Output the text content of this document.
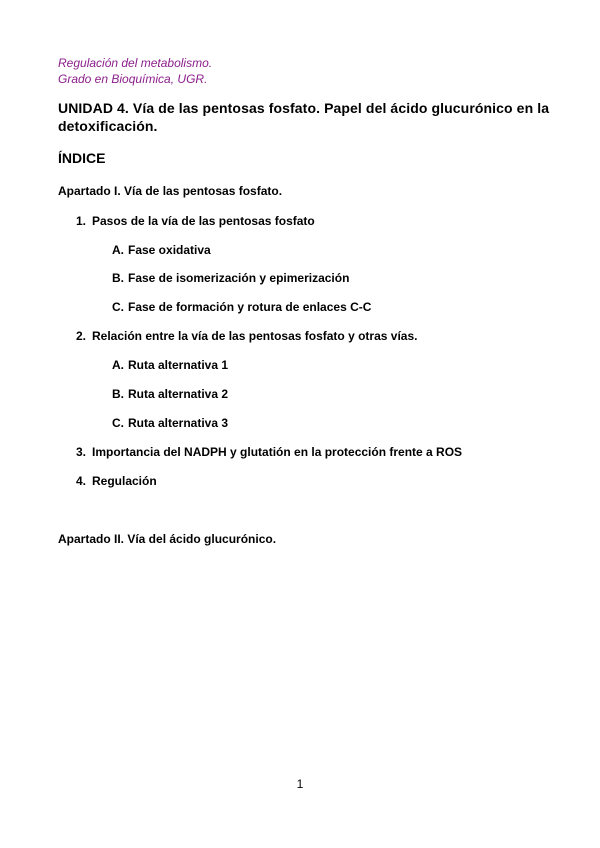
Regulación del metabolismo.
Grado en Bioquímica, UGR.
UNIDAD 4. Vía de las pentosas fosfato. Papel del ácido glucurónico en la detoxificación.
ÍNDICE
Apartado I. Vía de las pentosas fosfato.
1. Pasos de la vía de las pentosas fosfato
A. Fase oxidativa
B. Fase de isomerización y epimerización
C. Fase de formación y rotura de enlaces C-C
2. Relación entre la vía de las pentosas fosfato y otras vías.
A. Ruta alternativa 1
B. Ruta alternativa 2
C. Ruta alternativa 3
3. Importancia del NADPH y glutatión en la protección frente a ROS
4. Regulación
Apartado II. Vía del ácido glucurónico.
1
